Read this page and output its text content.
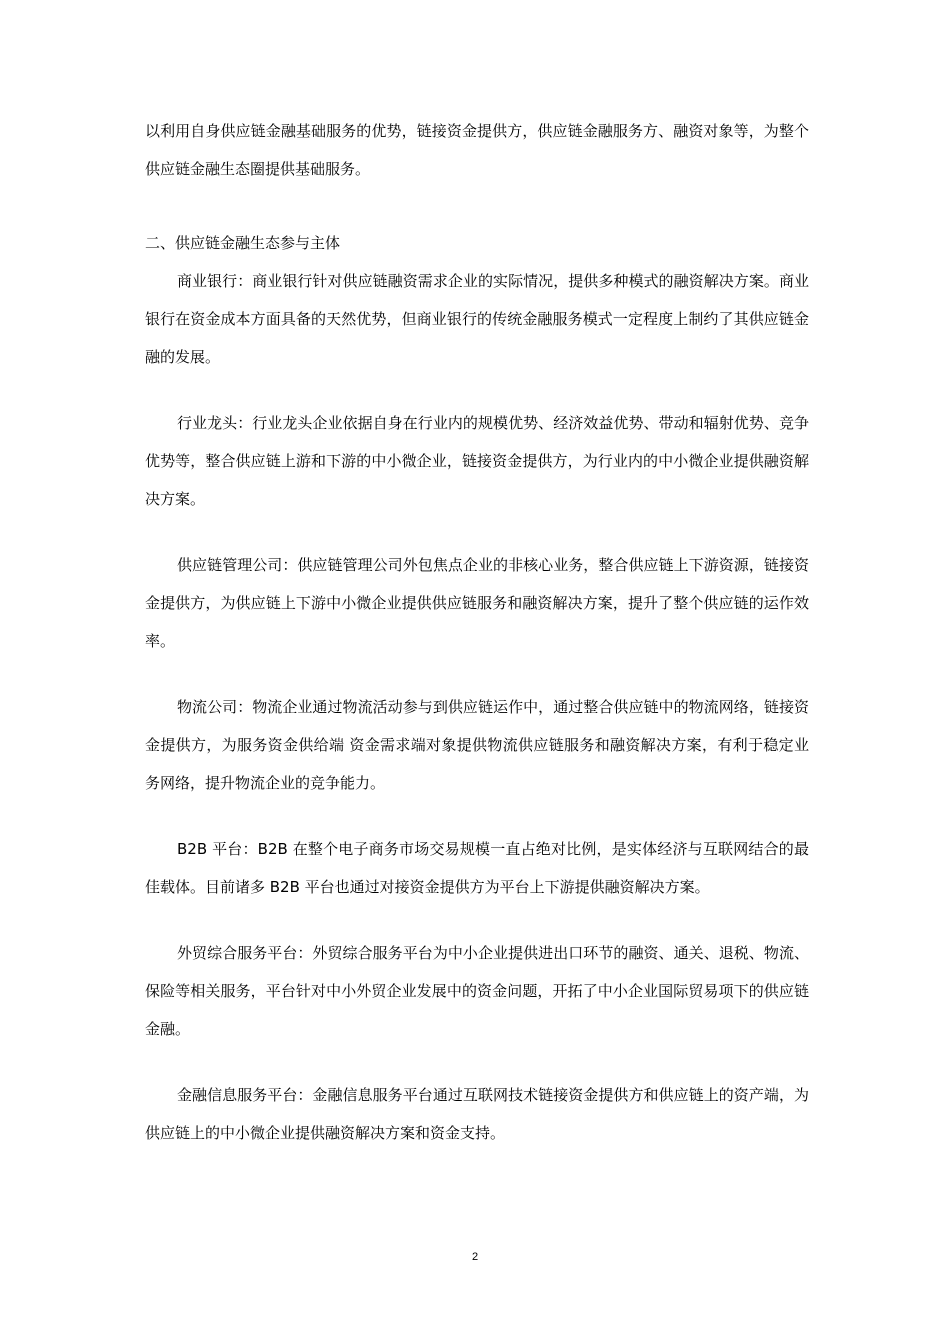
以利用自身供应链金融基础服务的优势，链接资金提供方，供应链金融服务方、融资对象等，为整个供应链金融生态圈提供基础服务。

二、供应链金融生态参与主体

商业银行：商业银行针对供应链融资需求企业的实际情况，提供多种模式的融资解决方案。商业银行在资金成本方面具备的天然优势，但商业银行的传统金融服务模式一定程度上制约了其供应链金融的发展。

行业龙头：行业龙头企业依据自身在行业内的规模优势、经济效益优势、带动和辐射优势、竞争优势等，整合供应链上游和下游的中小微企业，链接资金提供方，为行业内的中小微企业提供融资解决方案。

供应链管理公司：供应链管理公司外包焦点企业的非核心业务，整合供应链上下游资源，链接资金提供方，为供应链上下游中小微企业提供供应链服务和融资解决方案，提升了整个供应链的运作效率。

物流公司：物流企业通过物流活动参与到供应链运作中，通过整合供应链中的物流网络，链接资金提供方，为服务资金供给端 资金需求端对象提供物流供应链服务和融资解决方案，有利于稳定业务网络，提升物流企业的竞争能力。

B2B 平台：B2B 在整个电子商务市场交易规模一直占绝对比例，是实体经济与互联网结合的最佳载体。目前诸多 B2B 平台也通过对接资金提供方为平台上下游提供融资解决方案。

外贸综合服务平台：外贸综合服务平台为中小企业提供进出口环节的融资、通关、退税、物流、保险等相关服务，平台针对中小外贸企业发展中的资金问题，开拓了中小企业国际贸易项下的供应链金融。

金融信息服务平台：金融信息服务平台通过互联网技术链接资金提供方和供应链上的资产端，为供应链上的中小微企业提供融资解决方案和资金支持。

2
